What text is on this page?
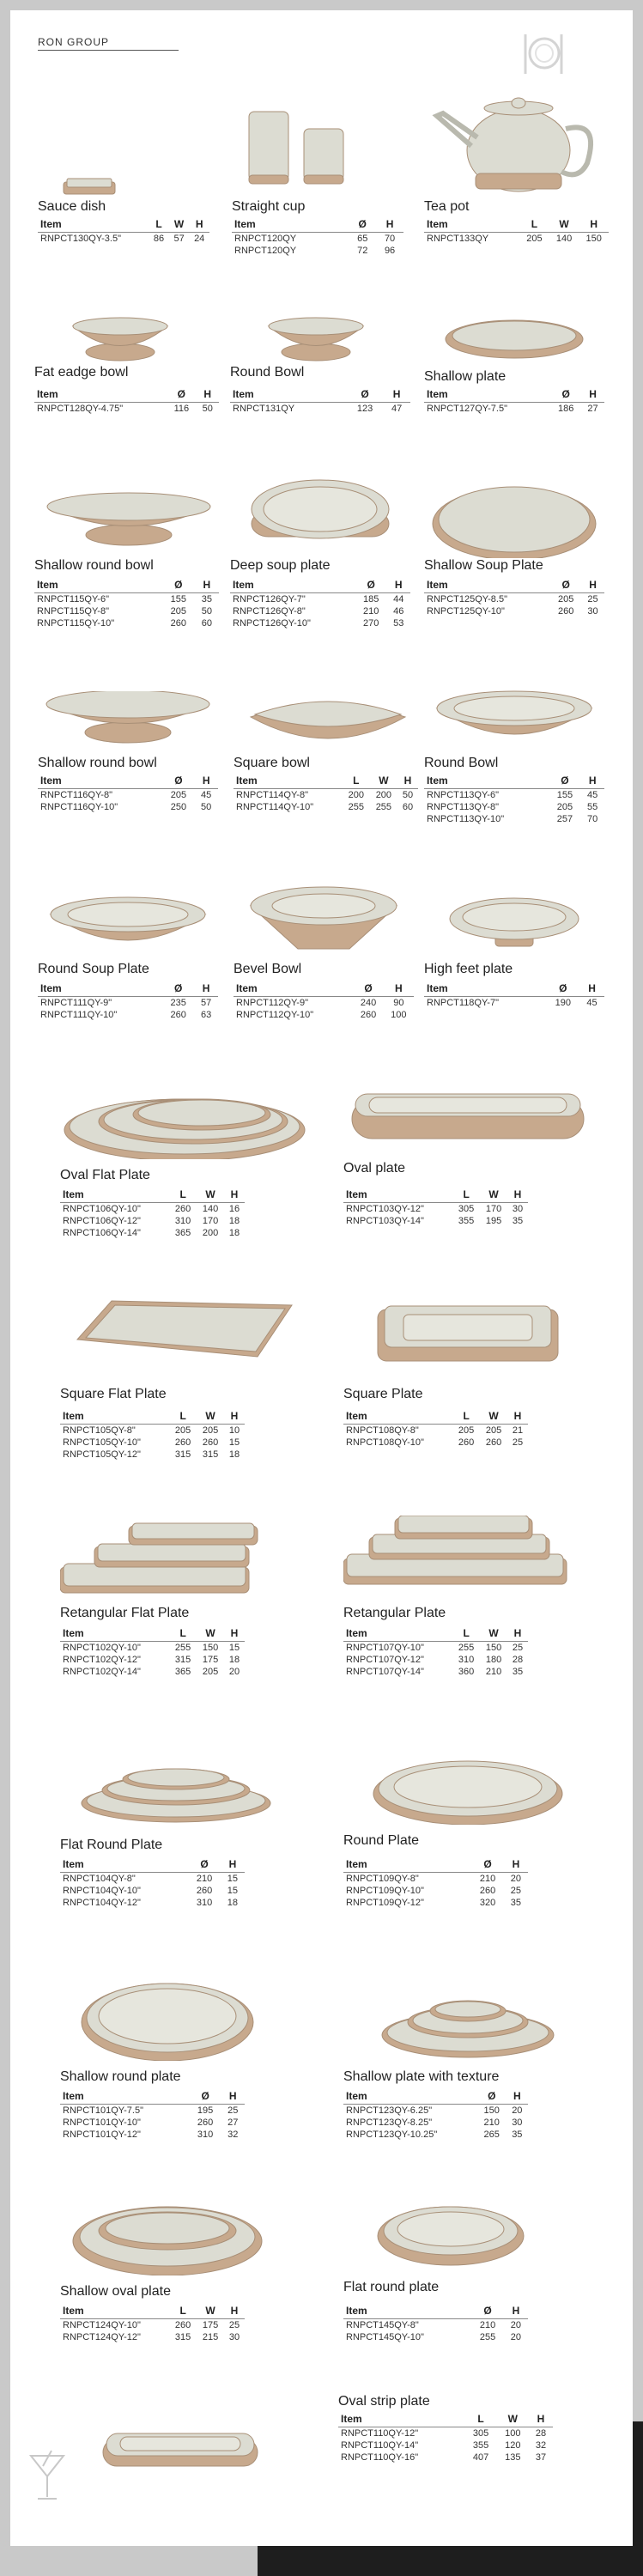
RON GROUP
Sauce dish
Item	L	W	H
RNPCT130QY-3.5"	86	57	24
Straight cup
Item	Ø	H
RNPCT120QY	65	70
RNPCT120QY	72	96
Tea pot
Item	L	W	H
RNPCT133QY	205	140	150
Fat eadge bowl
Item	Ø	H
RNPCT128QY-4.75"	116	50
Round Bowl
Item	Ø	H
RNPCT131QY	123	47
Shallow plate
Item	Ø	H
RNPCT127QY-7.5"	186	27
Shallow round bowl
Item	Ø	H
RNPCT115QY-6"	155	35
RNPCT115QY-8"	205	50
RNPCT115QY-10"	260	60
Deep soup plate
Item	Ø	H
RNPCT126QY-7"	185	44
RNPCT126QY-8"	210	46
RNPCT126QY-10"	270	53
Shallow Soup Plate
Item	Ø	H
RNPCT125QY-8.5"	205	25
RNPCT125QY-10"	260	30
Shallow round bowl
Item	Ø	H
RNPCT116QY-8"	205	45
RNPCT116QY-10"	250	50
Square bowl
Item	L	W	H
RNPCT114QY-8"	200	200	50
RNPCT114QY-10"	255	255	60
Round Bowl
Item	Ø	H
RNPCT113QY-6"	155	45
RNPCT113QY-8"	205	55
RNPCT113QY-10"	257	70
Round Soup Plate
Item	Ø	H
RNPCT111QY-9"	235	57
RNPCT111QY-10"	260	63
Bevel Bowl
Item	Ø	H
RNPCT112QY-9"	240	90
RNPCT112QY-10"	260	100
High feet plate
Item	Ø	H
RNPCT118QY-7"	190	45
Oval Flat Plate
Item	L	W	H
RNPCT106QY-10"	260	140	16
RNPCT106QY-12"	310	170	18
RNPCT106QY-14"	365	200	18
Oval plate
Item	L	W	H
RNPCT103QY-12"	305	170	30
RNPCT103QY-14"	355	195	35
Square Flat Plate
Item	L	W	H
RNPCT105QY-8"	205	205	10
RNPCT105QY-10"	260	260	15
RNPCT105QY-12"	315	315	18
Square Plate
Item	L	W	H
RNPCT108QY-8"	205	205	21
RNPCT108QY-10"	260	260	25
Retangular Flat Plate
Item	L	W	H
RNPCT102QY-10"	255	150	15
RNPCT102QY-12"	315	175	18
RNPCT102QY-14"	365	205	20
Retangular Plate
Item	L	W	H
RNPCT107QY-10"	255	150	25
RNPCT107QY-12"	310	180	28
RNPCT107QY-14"	360	210	35
Flat Round Plate
Item	Ø	H
RNPCT104QY-8"	210	15
RNPCT104QY-10"	260	15
RNPCT104QY-12"	310	18
Round Plate
Item	Ø	H
RNPCT109QY-8"	210	20
RNPCT109QY-10"	260	25
RNPCT109QY-12"	320	35
Shallow round plate
Item	Ø	H
RNPCT101QY-7.5"	195	25
RNPCT101QY-10"	260	27
RNPCT101QY-12"	310	32
Shallow plate with texture
Item	Ø	H
RNPCT123QY-6.25"	150	20
RNPCT123QY-8.25"	210	30
RNPCT123QY-10.25"	265	35
Shallow oval plate
Item	L	W	H
RNPCT124QY-10"	260	175	25
RNPCT124QY-12"	315	215	30
Flat round plate
Item	Ø	H
RNPCT145QY-8"	210	20
RNPCT145QY-10"	255	20
Oval strip plate
Item	L	W	H
RNPCT110QY-12"	305	100	28
RNPCT110QY-14"	355	120	32
RNPCT110QY-16"	407	135	37
